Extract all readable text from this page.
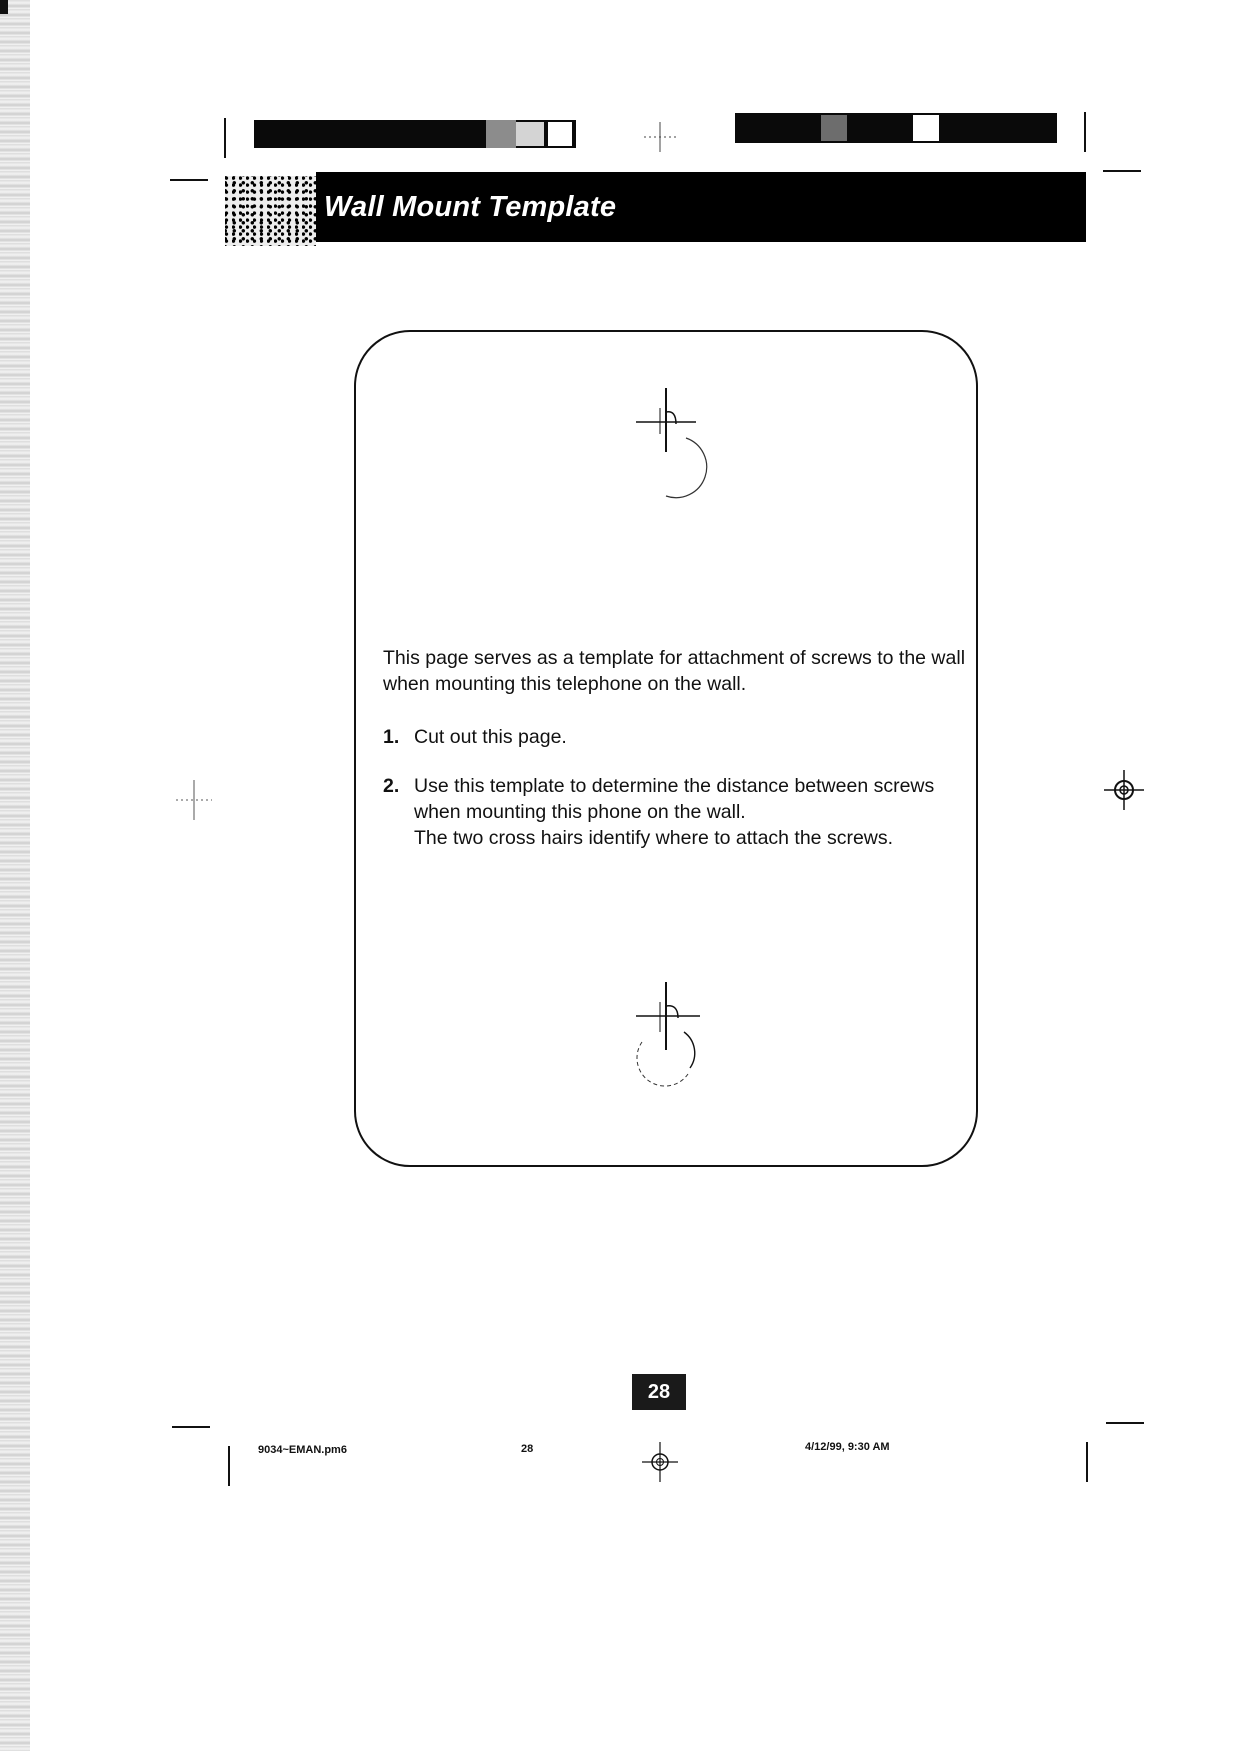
Wall Mount Template
This page serves as a template for attachment of screws to the wall when mounting this telephone on the wall.
1. Cut out this page.
2. Use this template to determine the distance between screws when mounting this phone on the wall.
The two cross hairs identify where to attach the screws.
28
9034~EMAN.pm6	28	4/12/99, 9:30 AM
